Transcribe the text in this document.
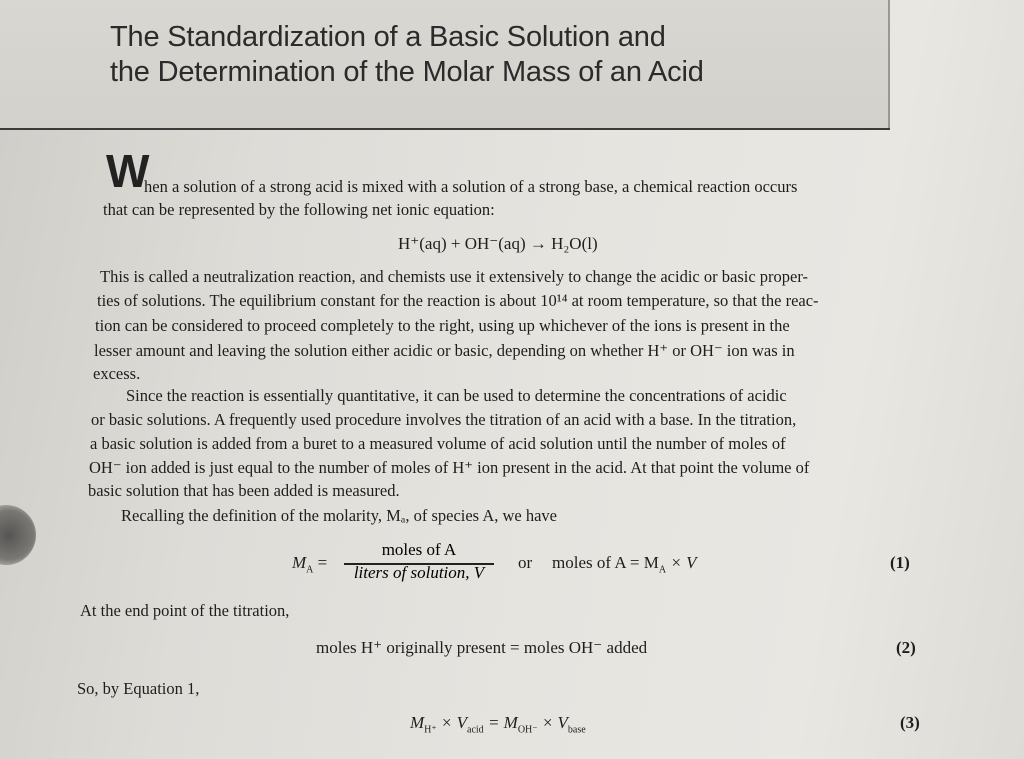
The Standardization of a Basic Solution and
the Determination of the Molar Mass of an Acid
W
hen a solution of a strong acid is mixed with a solution of a strong base, a chemical reaction occurs
that can be represented by the following net ionic equation:
H⁺(aq) + OH⁻(aq) → H₂O(l)
This is called a neutralization reaction, and chemists use it extensively to change the acidic or basic proper-
ties of solutions. The equilibrium constant for the reaction is about 10¹⁴ at room temperature, so that the reac-
tion can be considered to proceed completely to the right, using up whichever of the ions is present in the
lesser amount and leaving the solution either acidic or basic, depending on whether H⁺ or OH⁻ ion was in
excess.
Since the reaction is essentially quantitative, it can be used to determine the concentrations of acidic
or basic solutions. A frequently used procedure involves the titration of an acid with a base. In the titration,
a basic solution is added from a buret to a measured volume of acid solution until the number of moles of
OH⁻ ion added is just equal to the number of moles of H⁺ ion present in the acid. At that point the volume of
basic solution that has been added is measured.
Recalling the definition of the molarity, Mₐ, of species A, we have
$M_A$ =
moles of A
liters of solution, V
or moles of $A = M_A \times V$	(1)
At the end point of the titration,
moles H⁺ originally present = moles OH⁻ added	(2)
So, by Equation 1,
$M_{H^+} \times V_{acid} = M_{OH^-} \times V_{base}$	(3)
